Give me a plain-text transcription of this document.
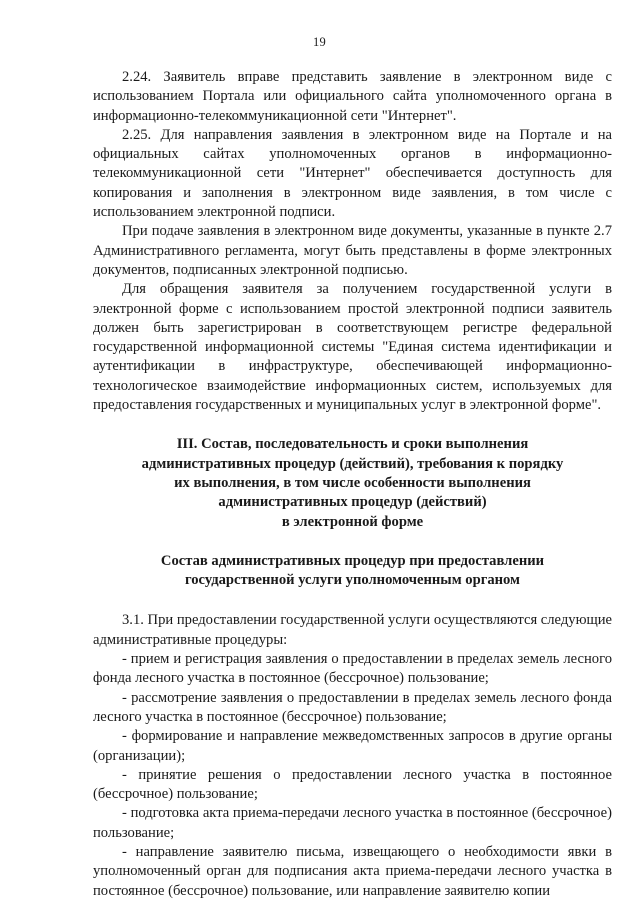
19

2.24. Заявитель вправе представить заявление в электронном виде с использованием Портала или официального сайта уполномоченного органа в информационно-телекоммуникационной сети "Интернет".

2.25. Для направления заявления в электронном виде на Портале и на официальных сайтах уполномоченных органов в информационно-телекоммуникационной сети "Интернет" обеспечивается доступность для копирования и заполнения в электронном виде заявления, в том числе с использованием электронной подписи.

При подаче заявления в электронном виде документы, указанные в пункте 2.7 Административного регламента, могут быть представлены в форме электронных документов, подписанных электронной подписью.

Для обращения заявителя за получением государственной услуги в электронной форме с использованием простой электронной подписи заявитель должен быть зарегистрирован в соответствующем регистре федеральной государственной информационной системы "Единая система идентификации и аутентификации в инфраструктуре, обеспечивающей информационно-технологическое взаимодействие информационных систем, используемых для предоставления государственных и муниципальных услуг в электронной форме".

III. Состав, последовательность и сроки выполнения
административных процедур (действий), требования к порядку
их выполнения, в том числе особенности выполнения
административных процедур (действий)
в электронной форме
Состав административных процедур при предоставлении
государственной услуги уполномоченным органом

3.1. При предоставлении государственной услуги осуществляются следующие административные процедуры:

- прием и регистрация заявления о предоставлении в пределах земель лесного фонда лесного участка в постоянное (бессрочное) пользование;

- рассмотрение заявления о предоставлении в пределах земель лесного фонда лесного участка в постоянное (бессрочное) пользование;

- формирование и направление межведомственных запросов в другие органы (организации);

- принятие решения о предоставлении лесного участка в постоянное (бессрочное) пользование;

- подготовка акта приема-передачи лесного участка в постоянное (бессрочное) пользование;

- направление заявителю письма, извещающего о необходимости явки в уполномоченный орган для подписания акта приема-передачи лесного участка в постоянное (бессрочное) пользование, или направление заявителю копии
